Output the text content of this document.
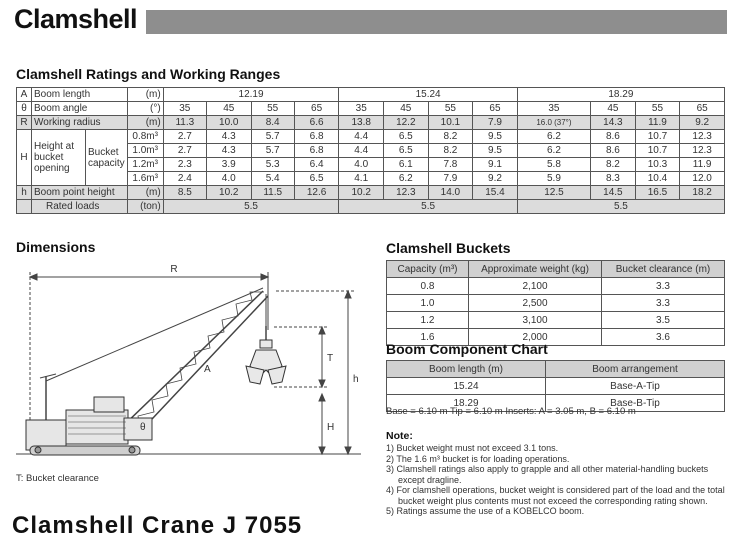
Clamshell
Clamshell Ratings and Working Ranges
A	Boom length		(m)	12.19				15.24				18.29			
θ	Boom angle		(°)	35	45	55	65	35	45	55	65	35	45	55	65
R	Working radius		(m)	11.3	10.0	8.4	6.6	13.8	12.2	10.1	7.9	16.0 (37°)	14.3	11.9	9.2
H	Height at bucket opening	Bucket capacity	0.8m³	2.7	4.3	5.7	6.8	4.4	6.5	8.2	9.5	6.2	8.6	10.7	12.3
			1.0m³	2.7	4.3	5.7	6.8	4.4	6.5	8.2	9.5	6.2	8.6	10.7	12.3
			1.2m³	2.3	3.9	5.3	6.4	4.0	6.1	7.8	9.1	5.8	8.2	10.3	11.9
			1.6m³	2.4	4.0	5.4	6.5	4.1	6.2	7.9	9.2	5.9	8.3	10.4	12.0
h	Boom point height		(m)	8.5	10.2	11.5	12.6	10.2	12.3	14.0	15.4	12.5	14.5	16.5	18.2
	Rated loads		(ton)	5.5				5.5				5.5			
Dimensions
R
T
h
H
A
θ
T: Bucket clearance
Clamshell Buckets
Capacity (m³)	Approximate weight (kg)	Bucket clearance (m)
0.8	2,100	3.3
1.0	2,500	3.3
1.2	3,100	3.5
1.6	2,000	3.6
Boom Component Chart
Boom length (m)	Boom arrangement
15.24	Base-A-Tip
18.29	Base-B-Tip
Base = 6.10 m Tip = 6.10 m Inserts: A = 3.05 m, B = 6.10 m
Note:
1) Bucket weight must not exceed 3.1 tons.
2) The 1.6 m³ bucket is for loading operations.
3) Clamshell ratings also apply to grapple and all other material-handling buckets except dragline.
4) For clamshell operations, bucket weight is considered part of the load and the total bucket weight plus contents must not exceed the corresponding rating shown.
5) Ratings assume the use of a KOBELCO boom.
Clamshell Crane J 7055
